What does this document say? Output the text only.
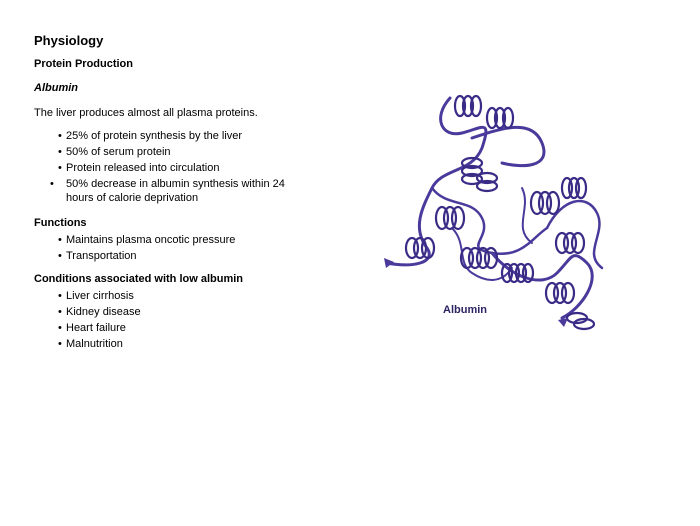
Physiology
Protein Production
Albumin
The liver produces almost all plasma proteins.
• 25% of protein synthesis by the liver
• 50% of serum protein
• Protein released into circulation
• 50% decrease in albumin synthesis within 24 hours of calorie deprivation
Functions
• Maintains plasma oncotic pressure
• Transportation
Conditions associated with low albumin
• Liver cirrhosis
• Kidney disease
• Heart failure
• Malnutrition
Albumin
